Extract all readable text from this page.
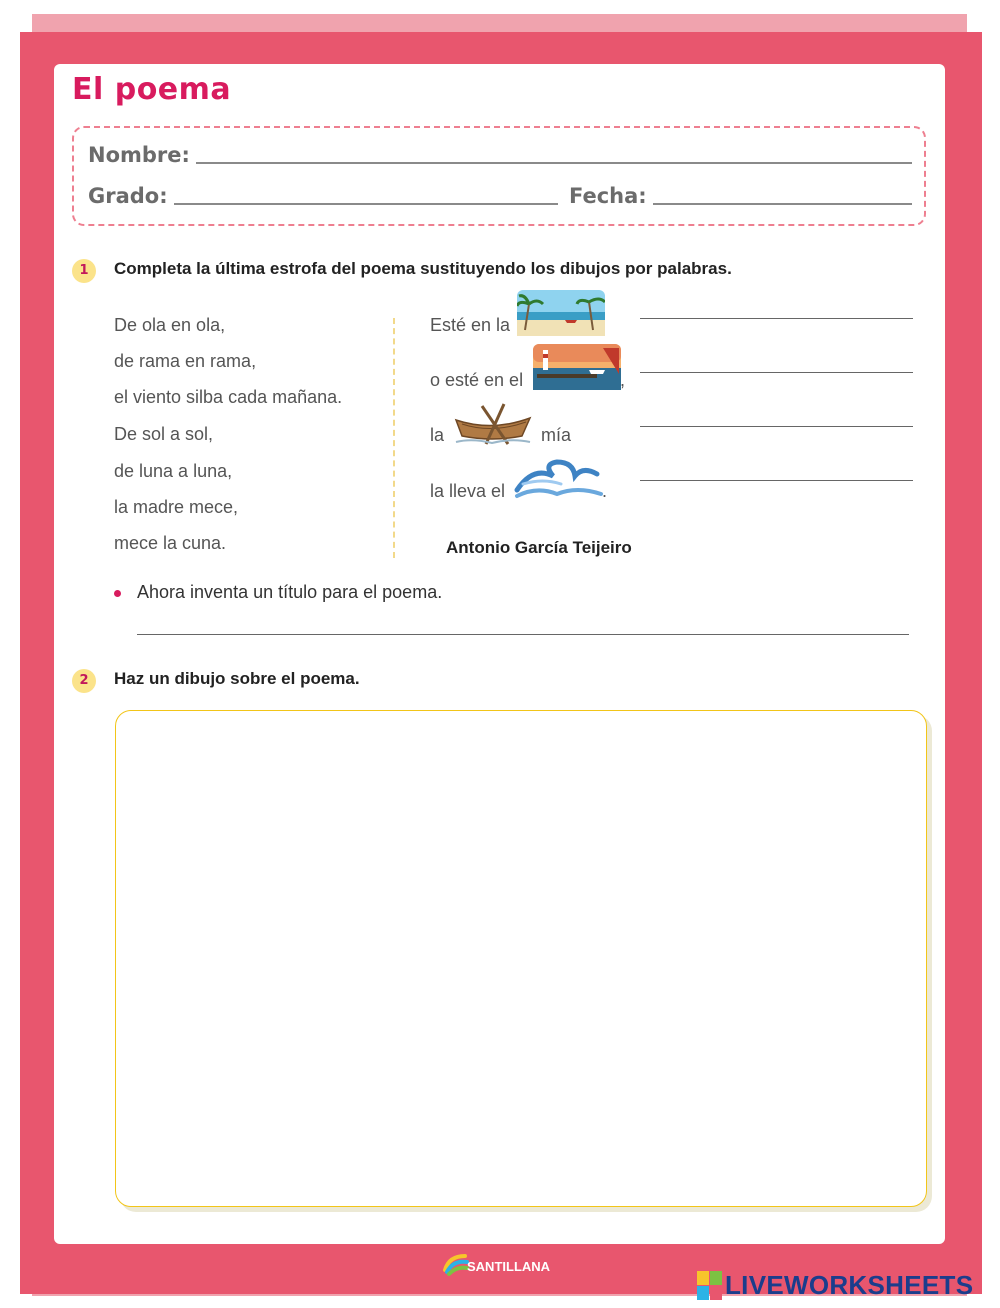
El poema
Nombre:
Grado:	Fecha:
1	Completa la última estrofa del poema sustituyendo los dibujos por palabras.
De ola en ola,
de rama en rama,
el viento silba cada mañana.
De sol a sol,
de luna a luna,
la madre mece,
mece la cuna.
Esté en la
o esté en el	,
la	mía
la lleva el	.
Antonio García Teijeiro
Ahora inventa un título para el poema.
2	Haz un dibujo sobre el poema.
SANTILLANA
LIVEWORKSHEETS
